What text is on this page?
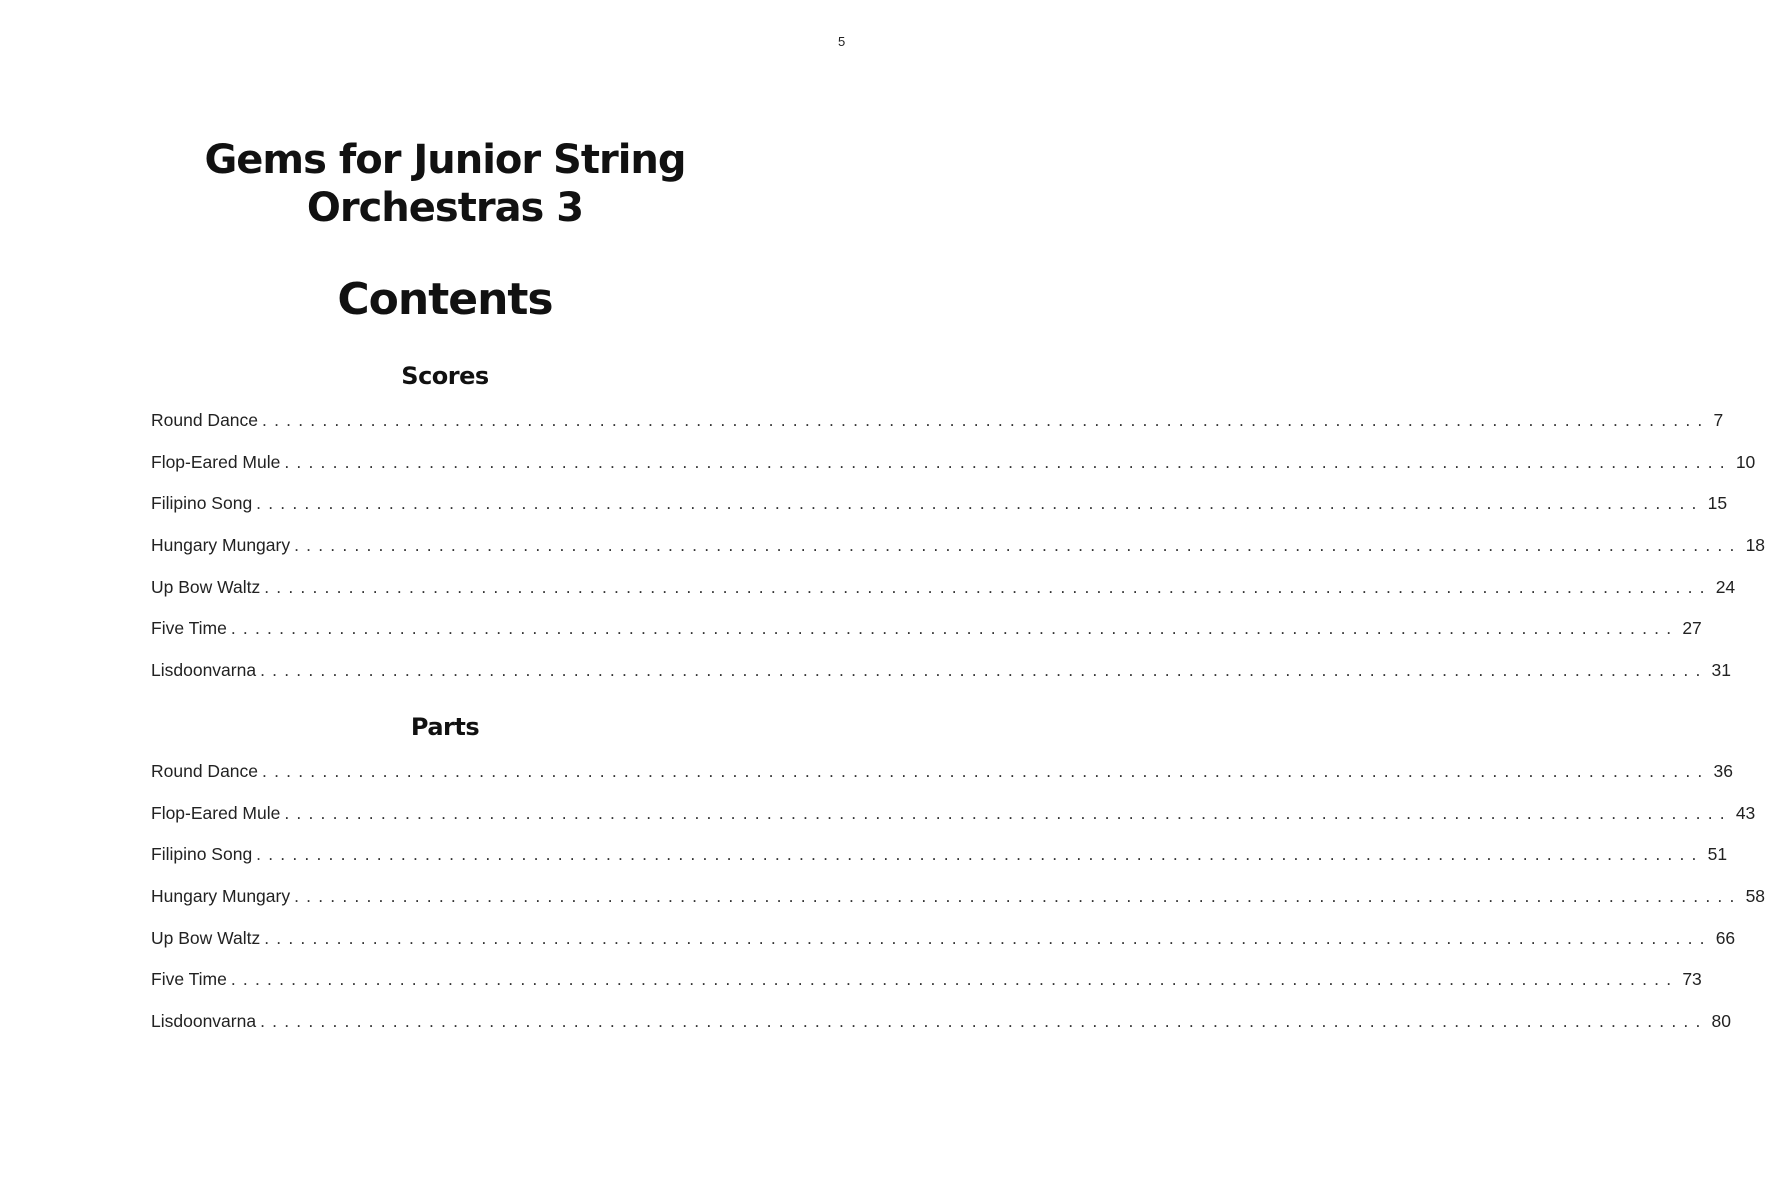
5
Gems for Junior String
Orchestras 3
Contents
Scores
Round Dance ........................................................................................................................ 7
Flop-Eared Mule ........................................................................................................................ 10
Filipino Song ........................................................................................................................ 15
Hungary Mungary ........................................................................................................................ 18
Up Bow Waltz ........................................................................................................................ 24
Five Time ........................................................................................................................ 27
Lisdoonvarna ........................................................................................................................ 31
Parts
Round Dance ........................................................................................................................ 36
Flop-Eared Mule ........................................................................................................................ 43
Filipino Song ........................................................................................................................ 51
Hungary Mungary ........................................................................................................................ 58
Up Bow Waltz ........................................................................................................................ 66
Five Time ........................................................................................................................ 73
Lisdoonvarna ........................................................................................................................ 80
